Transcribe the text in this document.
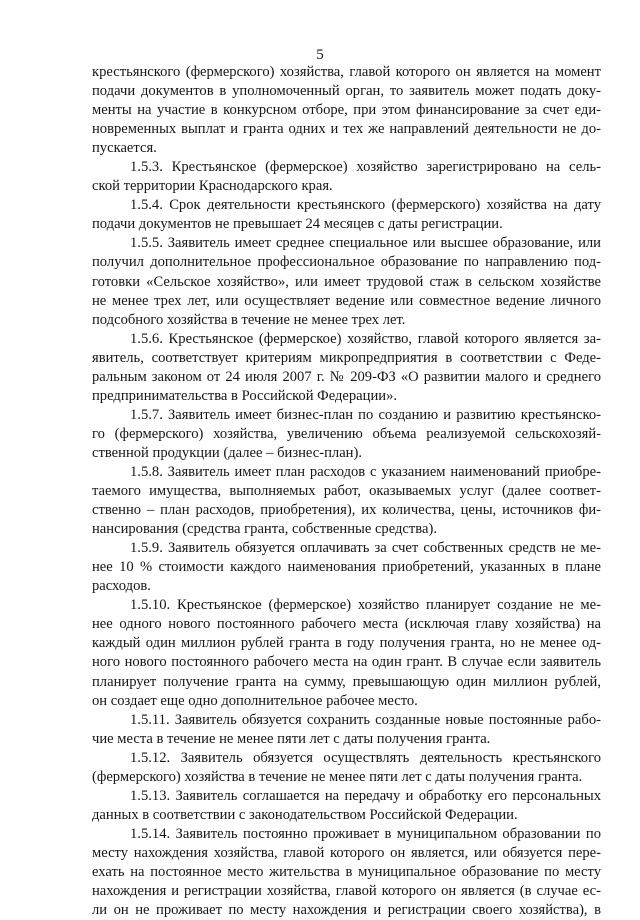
5
крестьянского (фермерского) хозяйства, главой которого он является на момент
подачи документов в уполномоченный орган, то заявитель может подать доку-
менты на участие в конкурсном отборе, при этом финансирование за счет еди-
новременных выплат и гранта одних и тех же направлений деятельности не до-
пускается.
1.5.3. Крестьянское (фермерское) хозяйство зарегистрировано на сель-
ской территории Краснодарского края.
1.5.4. Срок деятельности крестьянского (фермерского) хозяйства на дату
подачи документов не превышает 24 месяцев с даты регистрации.
1.5.5. Заявитель имеет среднее специальное или высшее образование, или
получил дополнительное профессиональное образование по направлению под-
готовки «Сельское хозяйство», или имеет трудовой стаж в сельском хозяйстве
не менее трех лет, или осуществляет ведение или совместное ведение личного
подсобного хозяйства в течение не менее трех лет.
1.5.6. Крестьянское (фермерское) хозяйство, главой которого является за-
явитель, соответствует критериям микропредприятия в соответствии с Феде-
ральным законом от 24 июля 2007 г. № 209-ФЗ «О развитии малого и среднего
предпринимательства в Российской Федерации».
1.5.7. Заявитель имеет бизнес-план по созданию и развитию крестьянско-
го (фермерского) хозяйства, увеличению объема реализуемой сельскохозяй-
ственной продукции (далее – бизнес-план).
1.5.8. Заявитель имеет план расходов с указанием наименований приобре-
таемого имущества, выполняемых работ, оказываемых услуг (далее соответ-
ственно – план расходов, приобретения), их количества, цены, источников фи-
нансирования (средства гранта, собственные средства).
1.5.9. Заявитель обязуется оплачивать за счет собственных средств не ме-
нее 10 % стоимости каждого наименования приобретений, указанных в плане
расходов.
1.5.10. Крестьянское (фермерское) хозяйство планирует создание не ме-
нее одного нового постоянного рабочего места (исключая главу хозяйства) на
каждый один миллион рублей гранта в году получения гранта, но не менее од-
ного нового постоянного рабочего места на один грант. В случае если заявитель
планирует получение гранта на сумму, превышающую один миллион рублей,
он создает еще одно дополнительное рабочее место.
1.5.11. Заявитель обязуется сохранить созданные новые постоянные рабо-
чие места в течение не менее пяти лет с даты получения гранта.
1.5.12. Заявитель обязуется осуществлять деятельность крестьянского
(фермерского) хозяйства в течение не менее пяти лет с даты получения гранта.
1.5.13. Заявитель соглашается на передачу и обработку его персональных
данных в соответствии с законодательством Российской Федерации.
1.5.14. Заявитель постоянно проживает в муниципальном образовании по
месту нахождения хозяйства, главой которого он является, или обязуется пере-
ехать на постоянное место жительства в муниципальное образование по месту
нахождения и регистрации хозяйства, главой которого он является (в случае ес-
ли он не проживает по месту нахождения и регистрации своего хозяйства), в
